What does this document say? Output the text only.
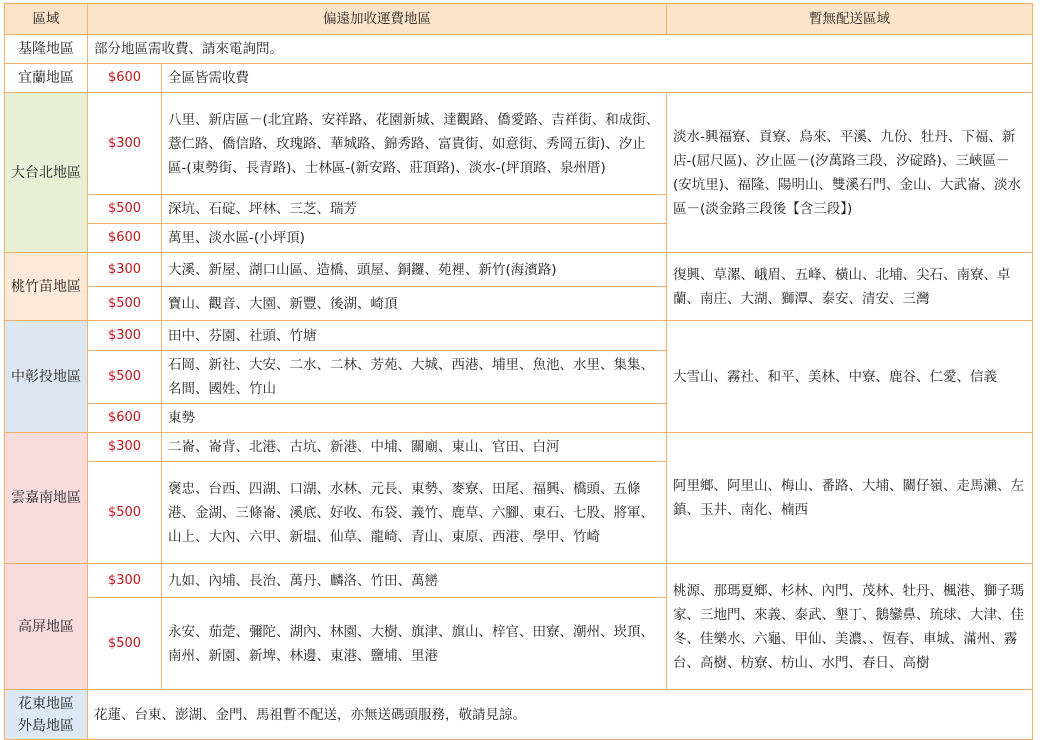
區域	偏遠加收運費地區		暫無配送區域
基隆地區	部分地區需收費、請來電詢問。		
宜蘭地區	$600	全區皆需收費	
大台北地區	$300	八里、新店區－(北宜路、安祥路、花園新城、達觀路、僑愛路、吉祥街、和成街、薏仁路、僑信路、玫瑰路、華城路、錦秀路、富貴街、如意街、秀岡五街)、汐止區-(東勢街、長青路)、士林區-(新安路、莊頂路)、淡水-(坪頂路、泉州厝)	淡水-興福寮、貢寮、烏來、平溪、九份、牡丹、下福、新店-(屈尺區)、汐止區－(汐萬路三段、汐碇路)、三峽區－(安坑里)、福隆、陽明山、雙溪石門、金山、大武崙、淡水區－(淡金路三段後【含三段】)
	$500	深坑、石碇、坪林、三芝、瑞芳	
	$600	萬里、淡水區-(小坪頂)	
桃竹苗地區	$300	大溪、新屋、湖口山區、造橋、頭屋、銅鑼、苑裡、新竹(海濱路)	復興、草漯、峨眉、五峰、橫山、北埔、尖石、南寮、卓蘭、南庄、大湖、獅潭、泰安、清安、三灣
	$500	寶山、觀音、大園、新豐、後湖、崎頂	
中彰投地區	$300	田中、芬園、社頭、竹塘	大雪山、霧社、和平、美林、中寮、鹿谷、仁愛、信義
	$500	石岡、新社、大安、二水、二林、芳苑、大城、西港、埔里、魚池、水里、集集、名間、國姓、竹山	
	$600	東勢	
雲嘉南地區	$300	二崙、崙背、北港、古坑、新港、中埔、關廟、東山、官田、白河	阿里鄉、阿里山、梅山、番路、大埔、關仔嶺、走馬瀨、左鎮、玉井、南化、楠西
	$500	褒忠、台西、四湖、口湖、水林、元長、東勢、麥寮、田尾、福興、橋頭、五條港、金湖、三條崙、溪底、好收、布袋、義竹、鹿草、六腳、東石、七股、將軍、山上、大內、六甲、新塭、仙草、龍崎、青山、東原、西港、學甲、竹崎	
高屏地區	$300	九如、內埔、長治、萬丹、麟洛、竹田、萬巒	桃源、那瑪夏鄉、杉林、內門、茂林、牡丹、楓港、獅子瑪家、三地門、來義、泰武、墾丁、鵝鑾鼻、琉球、大津、佳冬、佳樂水、六龜、甲仙、美濃、、恆春、車城、滿州、霧台、高樹、枋寮、枋山、水門、春日、高樹
	$500	永安、茄萣、彌陀、湖內、林園、大樹、旗津、旗山、梓官、田寮、潮州、崁頂、南州、新園、新埤、林邊、東港、鹽埔、里港	

花東地區
外島地區	花蓮、台東、澎湖、金門、馬祖暫不配送，亦無送碼頭服務，敬請見諒。		
